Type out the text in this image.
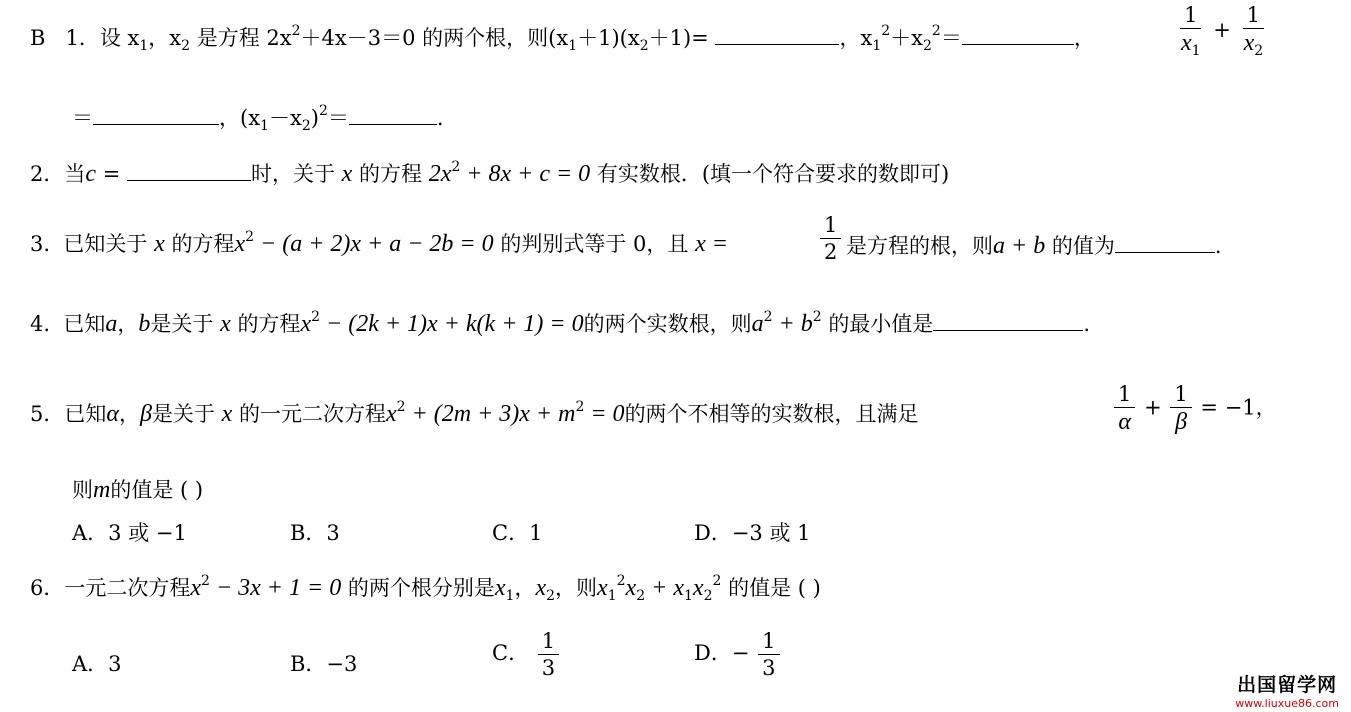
B 1．设 $x_1$，$x_2$ 是方程 $2x^2+4x-3=0$ 的两个根，则$(x_1+1)(x_2+1)=$	，$x_1^2+x_2^2=$	，	$\frac{1}{x_1} + \frac{1}{x_2}$
＝	，$(x_1-x_2)^2=$	.
2．当c =	时，关于 x 的方程 $2x^2 + 8x + c = 0$ 有实数根．(填一个符合要求的数即可)
3. 已知关于 x 的方程$x^2 - (a + 2)x + a - 2b = 0$ 的判别式等于 0，且 x =	$\frac{1}{2}$ 是方程的根，则a + b 的值为	.
4. 已知a，b是关于 x 的方程$x^2 - (2k + 1)x + k(k + 1) = 0$的两个实数根，则$a^2 + b^2$ 的最小值是	.
5．已知α，β是关于 x 的一元二次方程$x^2 + (2m + 3)x + m^2 = 0$的两个不相等的实数根，且满足	$\frac{1}{\alpha} + \frac{1}{\beta} = -1$，
则m的值是 ( )
A．3 或 −1	B．3	C．1	D．−3 或 1
6．一元二次方程$x^2 - 3x + 1 = 0$ 的两个根分别是$x_1$，$x_2$，则$x_1^2x_2 + x_1x_2^2$ 的值是 ( )
A．3	B．−3	C． $\frac{1}{3}$	D．− $\frac{1}{3}$
出国留学网
www.liuxue86.com
